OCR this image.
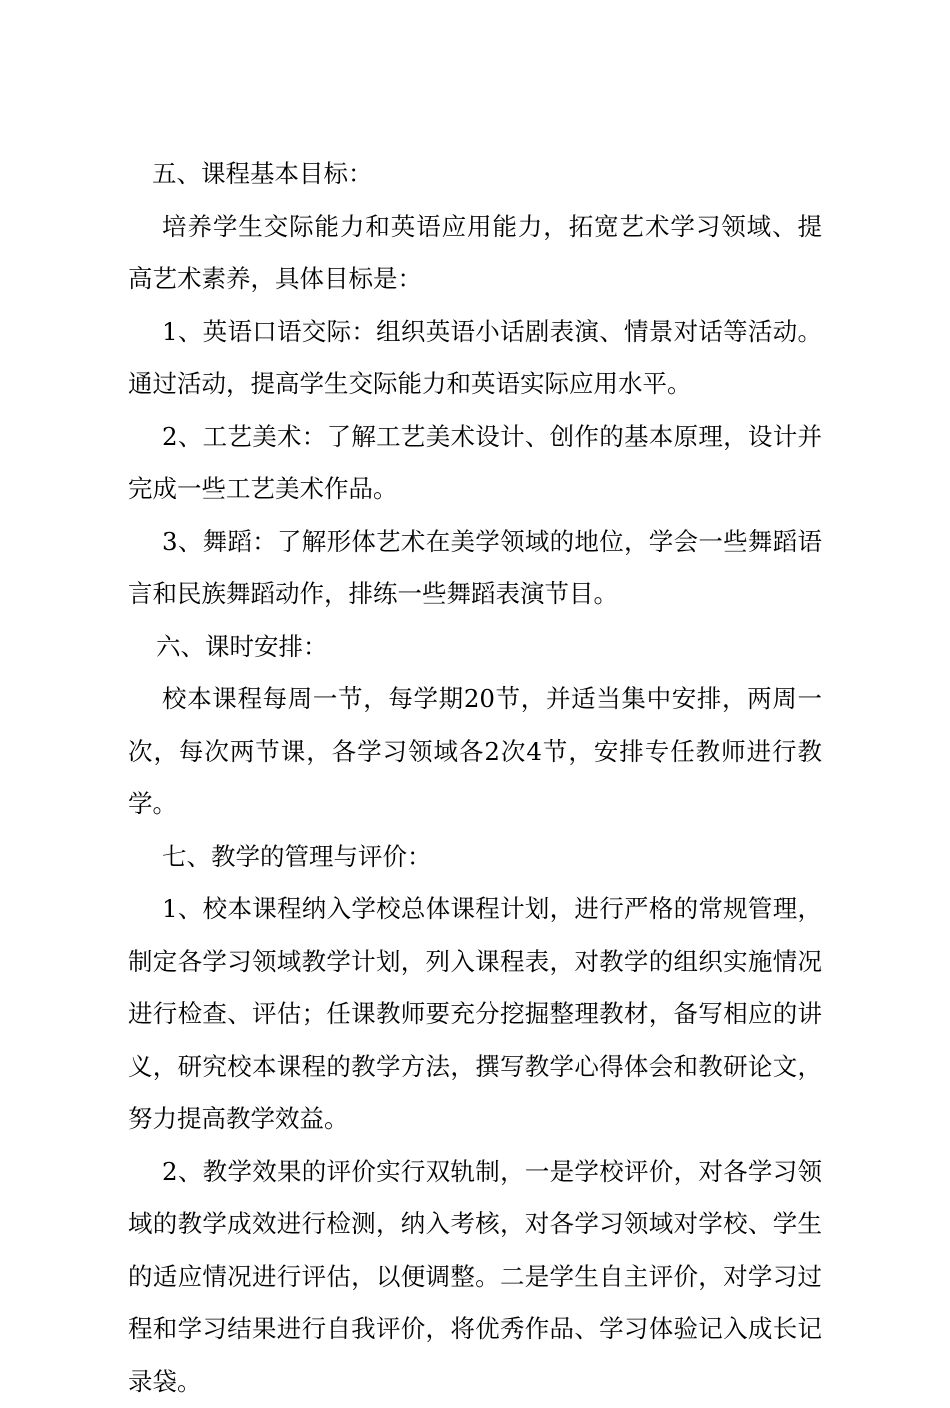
五、课程基本目标：

培养学生交际能力和英语应用能力，拓宽艺术学习领域、提高艺术素养，具体目标是：

1、英语口语交际：组织英语小话剧表演、情景对话等活动。通过活动，提高学生交际能力和英语实际应用水平。

2、工艺美术：了解工艺美术设计、创作的基本原理，设计并完成一些工艺美术作品。

3、舞蹈：了解形体艺术在美学领域的地位，学会一些舞蹈语言和民族舞蹈动作，排练一些舞蹈表演节目。

六、课时安排：

校本课程每周一节，每学期20节，并适当集中安排，两周一次，每次两节课，各学习领域各2次4节，安排专任教师进行教学。

七、教学的管理与评价：

1、校本课程纳入学校总体课程计划，进行严格的常规管理，制定各学习领域教学计划，列入课程表，对教学的组织实施情况进行检查、评估；任课教师要充分挖掘整理教材，备写相应的讲义，研究校本课程的教学方法，撰写教学心得体会和教研论文，努力提高教学效益。

2、教学效果的评价实行双轨制，一是学校评价，对各学习领域的教学成效进行检测，纳入考核，对各学习领域对学校、学生的适应情况进行评估，以便调整。二是学生自主评价，对学习过程和学习结果进行自我评价，将优秀作品、学习体验记入成长记录袋。
